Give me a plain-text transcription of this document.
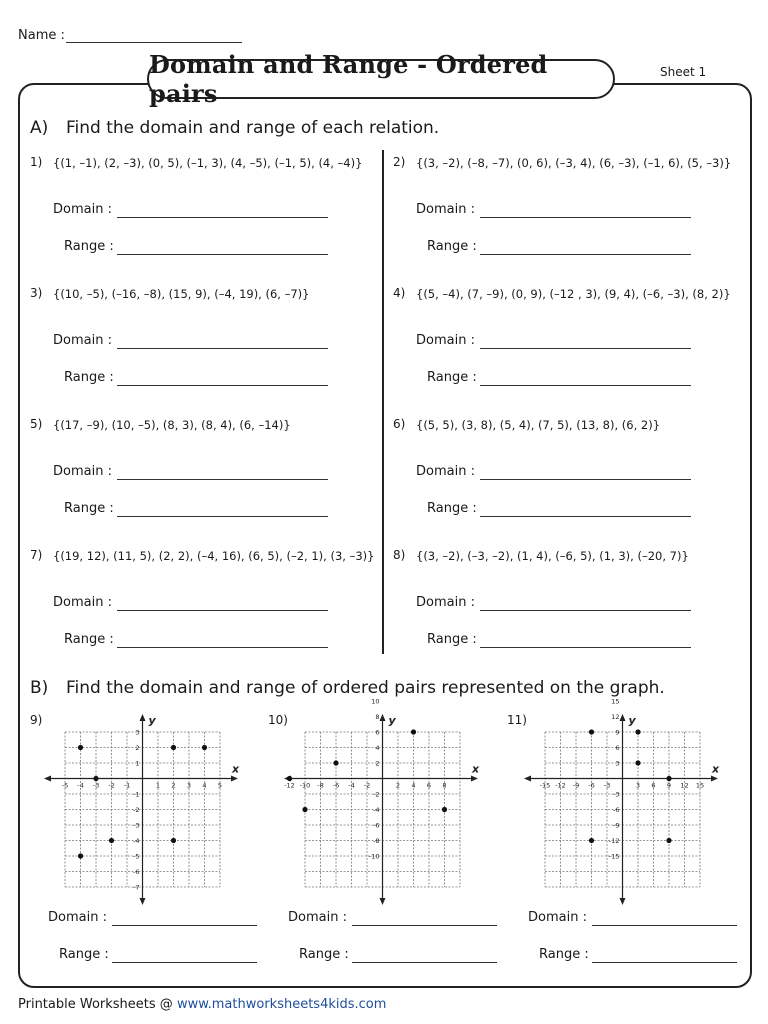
Name :
Domain and Range - Ordered pairs
Sheet 1
A) Find the domain and range of each relation.
1) {(1, –1), (2, –3), (0, 5), (–1, 3), (4, –5), (–1, 5), (4, –4)}
Domain :
Range :
2) {(3, –2), (–8, –7), (0, 6), (–3, 4), (6, –3), (–1, 6), (5, –3)}
Domain :
Range :
3) {(10, –5), (–16, –8), (15, 9), (–4, 19), (6, –7)}
Domain :
Range :
4) {(5, –4), (7, –9), (0, 9), (–12 , 3), (9, 4), (–6, –3), (8, 2)}
Domain :
Range :
5) {(17, –9), (10, –5), (8, 3), (8, 4), (6, –14)}
Domain :
Range :
6) {(5, 5), (3, 8), (5, 4), (7, 5), (13, 8), (6, 2)}
Domain :
Range :
7) {(19, 12), (11, 5), (2, 2), (–4, 16), (6, 5), (–2, 1), (3, –3)}
Domain :
Range :
8) {(3, –2), (–3, –2), (1, 4), (–6, 5), (1, 3), (–20, 7)}
Domain :
Range :
B) Find the domain and range of ordered pairs represented on the graph.
9)
x
y
-5 -4 -3 -2 -1	1 2 3 4 5
3
2
1
-1
-2
-3
-4
-5
-6
-7
Domain :
Range :
10)
x
y
-12 -10 -8 -6 -4 -2	2 4 6 8
10
8
6
4
2
-2
-4
-6
-8
-10
Domain :
Range :
11)
x
y
-15 -12 -9 -6 -3	3 6 9 12 15
15
12
9
6
3
-3
-6
-9
-12
-15
Domain :
Range :
Printable Worksheets @ www.mathworksheets4kids.com
